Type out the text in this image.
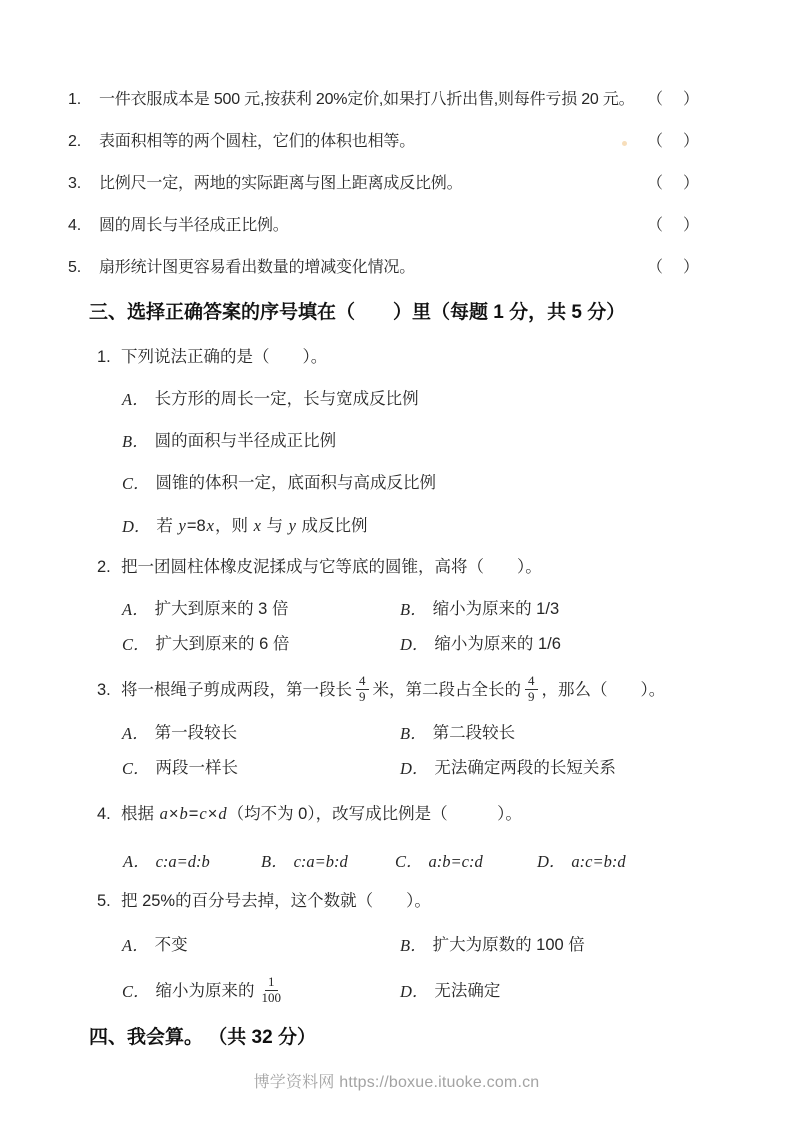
1.	一件衣服成本是 500 元,按获利 20%定价,如果打八折出售,则每件亏损 20 元。 （　）
2.	表面积相等的两个圆柱，它们的体积也相等。	（　）
3.	比例尺一定，两地的实际距离与图上距离成反比例。	（　）
4.	圆的周长与半径成正比例。	（　）
5.	扇形统计图更容易看出数量的增减变化情况。	（　）
三、选择正确答案的序号填在（　　）里（每题 1 分，共 5 分）
1. 下列说法正确的是（　　）。
A． 长方形的周长一定，长与宽成反比例
B． 圆的面积与半径成正比例
C． 圆锥的体积一定，底面积与高成反比例
D． 若 y=8x，则 x 与 y 成反比例
2. 把一团圆柱体橡皮泥揉成与它等底的圆锥，高将（　　）。
A． 扩大到原来的 3 倍	B． 缩小为原来的 1/3
C． 扩大到原来的 6 倍	D． 缩小为原来的 1/6
3. 将一根绳子剪成两段，第一段长 $\frac{4}{9}$ 米，第二段占全长的 $\frac{4}{9}$ ，那么（　　）。
A． 第一段较长	B． 第二段较长
C． 两段一样长	D． 无法确定两段的长短关系
4. 根据 a×b=c×d（均不为 0），改写成比例是（　　　）。
A． c:a=d:b	B． c:a=b:d	C． a:b=c:d	D． a:c=b:d
5. 把 25%的百分号去掉，这个数就（　　）。
A． 不变	B． 扩大为原数的 100 倍
C． 缩小为原来的 $\frac{1}{100}$	D． 无法确定
四、我会算。 （共 32 分）
博学资料网 https://boxue.ituoke.com.cn
